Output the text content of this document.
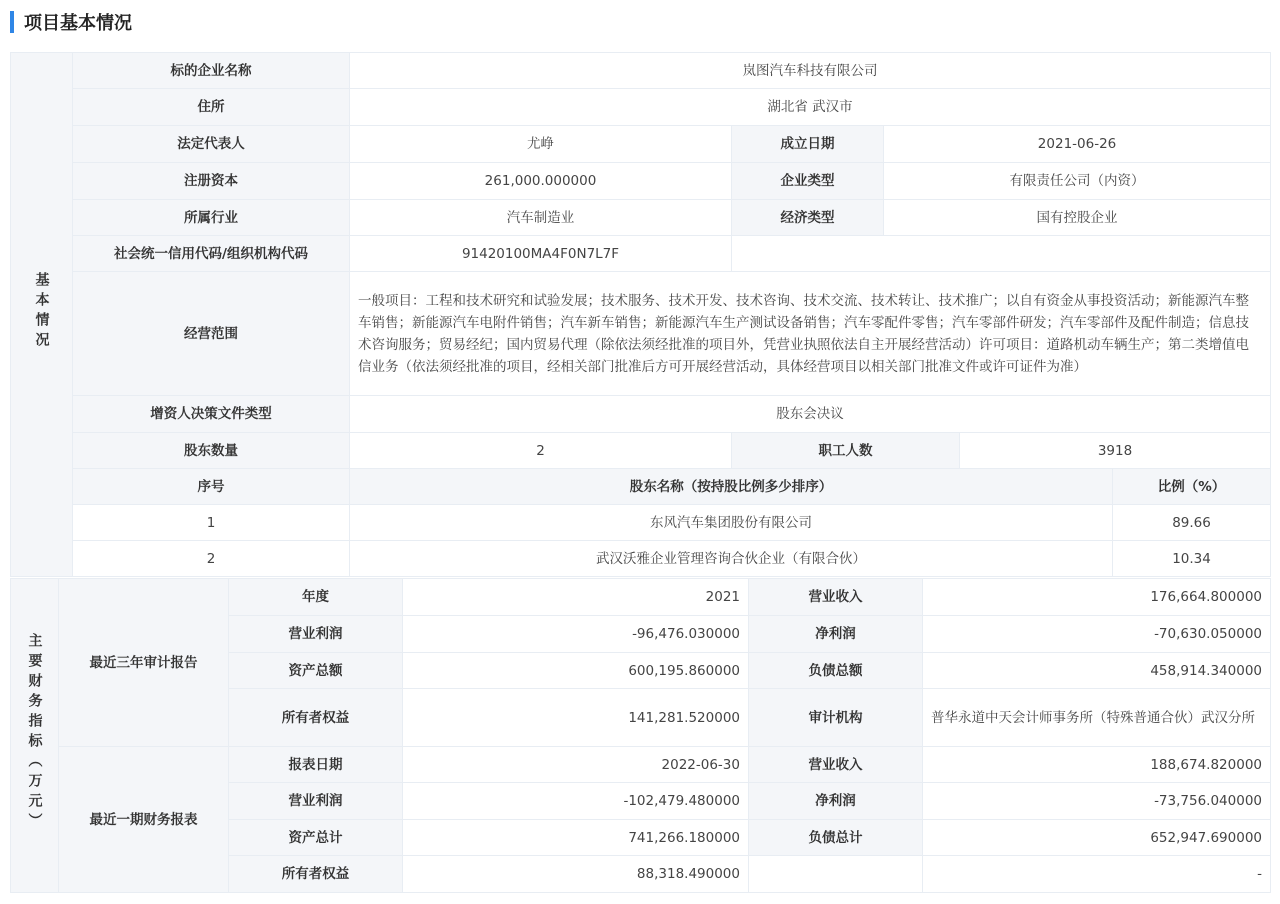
项目基本情况
基本情况	标的企业名称	岚图汽车科技有限公司				
	住所	湖北省 武汉市				
	法定代表人	尤峥	成立日期	2021-06-26		
	注册资本	261,000.000000	企业类型	有限责任公司（内资）		
	所属行业	汽车制造业	经济类型	国有控股企业		
	社会统一信用代码/组织机构代码	91420100MA4F0N7L7F				
	经营范围	一般项目：工程和技术研究和试验发展；技术服务、技术开发、技术咨询、技术交流、技术转让、技术推广；以自有资金从事投资活动；新能源汽车整车销售；新能源汽车电附件销售；汽车新车销售；新能源汽车生产测试设备销售；汽车零配件零售；汽车零部件研发；汽车零部件及配件制造；信息技术咨询服务；贸易经纪；国内贸易代理（除依法须经批准的项目外，凭营业执照依法自主开展经营活动）许可项目：道路机动车辆生产；第二类增值电信业务（依法须经批准的项目，经相关部门批准后方可开展经营活动，具体经营项目以相关部门批准文件或许可证件为准）				
	增资人决策文件类型	股东会决议				
	股东数量	2	职工人数		3918	
	序号	股东名称（按持股比例多少排序）				比例（%）
	1	东风汽车集团股份有限公司				89.66
	2	武汉沃雅企业管理咨询合伙企业（有限合伙）				10.34
主要财务指标（万元）	最近三年审计报告	年度	2021	营业收入	176,664.800000
		营业利润	-96,476.030000	净利润	-70,630.050000
		资产总额	600,195.860000	负债总额	458,914.340000
		所有者权益	141,281.520000	审计机构	普华永道中天会计师事务所（特殊普通合伙）武汉分所
	最近一期财务报表	报表日期	2022-06-30	营业收入	188,674.820000
		营业利润	-102,479.480000	净利润	-73,756.040000
		资产总计	741,266.180000	负债总计	652,947.690000
		所有者权益	88,318.490000		-
